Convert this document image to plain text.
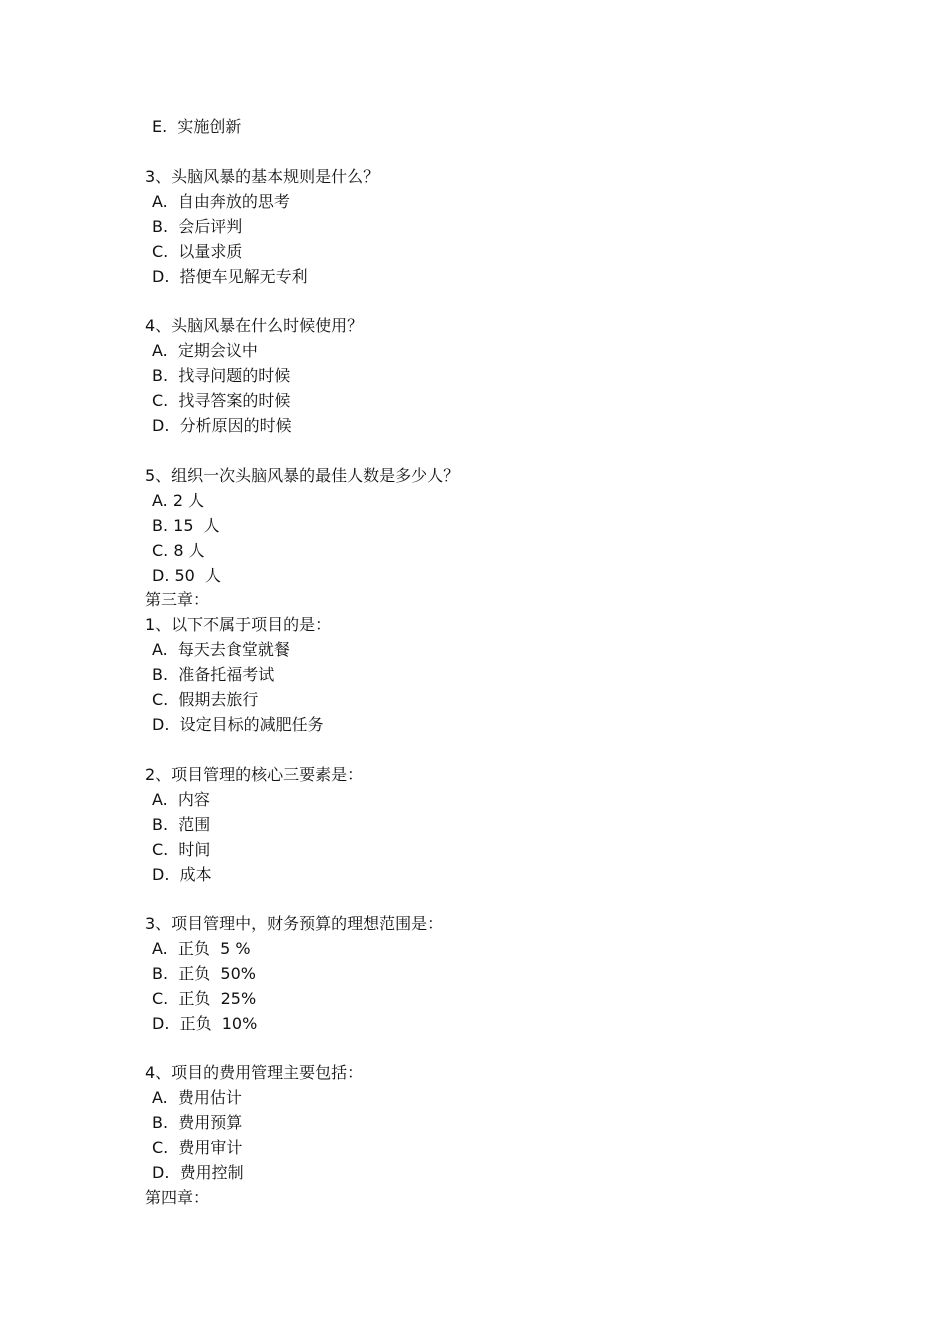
E.  实施创新
3、头脑风暴的基本规则是什么？
A.  自由奔放的思考
B.  会后评判
C.  以量求质
D.  搭便车见解无专利
4、头脑风暴在什么时候使用？
A.  定期会议中
B.  找寻问题的时候
C.  找寻答案的时候
D.  分析原因的时候
5、组织一次头脑风暴的最佳人数是多少人？
A. 2 人
B. 15  人
C. 8 人
D. 50  人
第三章：
1、以下不属于项目的是：
A.  每天去食堂就餐
B.  准备托福考试
C.  假期去旅行
D.  设定目标的减肥任务
2、项目管理的核心三要素是：
A.  内容
B.  范围
C.  时间
D.  成本
3、项目管理中，财务预算的理想范围是：
A.  正负  5 %
B.  正负  50%
C.  正负  25%
D.  正负  10%
4、项目的费用管理主要包括：
A.  费用估计
B.  费用预算
C.  费用审计
D.  费用控制
第四章：
